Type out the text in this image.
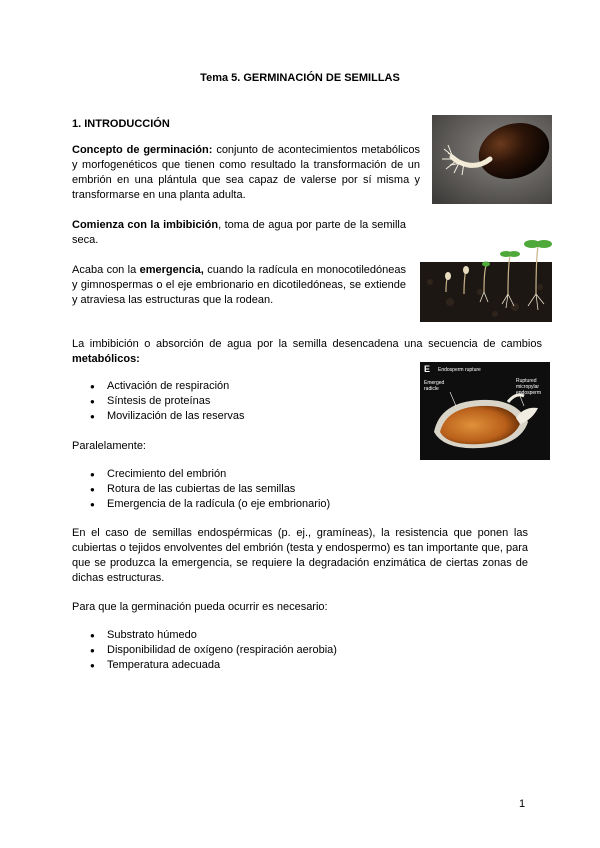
Tema 5. GERMINACIÓN DE SEMILLAS
1. INTRODUCCIÓN
Concepto de germinación: conjunto de acontecimientos metabólicos y morfogenéticos que tienen como resultado la transformación de un embrión en una plántula que sea capaz de valerse por sí misma y transformarse en una planta adulta.
Comienza con la imbibición, toma de agua por parte de la semilla seca.
Acaba con la emergencia, cuando la radícula en monocotiledóneas y gimnospermas o el eje embrionario en dicotiledóneas, se extiende y atraviesa las estructuras que la rodean.
La imbibición o absorción de agua por la semilla desencadena una secuencia de cambios metabólicos:
● Activación de respiración
● Síntesis de proteínas
● Movilización de las reservas
Paralelamente:
● Crecimiento del embrión
● Rotura de las cubiertas de las semillas
● Emergencia de la radícula (o eje embrionario)
En el caso de semillas endospérmicas (p. ej., gramíneas), la resistencia que ponen las cubiertas o tejidos envolventes del embrión (testa y endospermo) es tan importante que, para que se produzca la emergencia, se requiere la degradación enzimática de ciertas zonas de dichas estructuras.
Para que la germinación pueda ocurrir es necesario:
● Substrato húmedo
● Disponibilidad de oxígeno (respiración aerobia)
● Temperatura adecuada
E Endosperm rupture
Emerged
radicle
Ruptured
micropylar
endosperm
1
